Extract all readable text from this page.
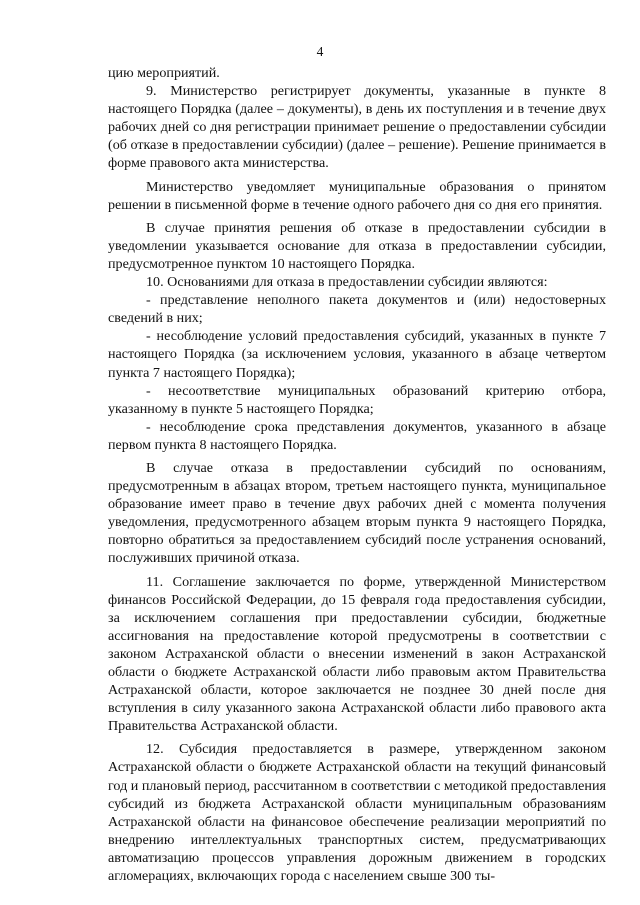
4

цию мероприятий.

9. Министерство регистрирует документы, указанные в пункте 8 настоящего Порядка (далее – документы), в день их поступления и в течение двух рабочих дней со дня регистрации принимает решение о предоставлении субсидии (об отказе в предоставлении субсидии) (далее – решение). Решение принимается в форме правового акта министерства.

Министерство уведомляет муниципальные образования о принятом решении в письменной форме в течение одного рабочего дня со дня его принятия.

В случае принятия решения об отказе в предоставлении субсидии в уведомлении указывается основание для отказа в предоставлении субсидии, предусмотренное пунктом 10 настоящего Порядка.

10. Основаниями для отказа в предоставлении субсидии являются:

- представление неполного пакета документов и (или) недостоверных сведений в них;

- несоблюдение условий предоставления субсидий, указанных в пункте 7 настоящего Порядка (за исключением условия, указанного в абзаце четвертом пункта 7 настоящего Порядка);

- несоответствие муниципальных образований критерию отбора, указанному в пункте 5 настоящего Порядка;

- несоблюдение срока представления документов, указанного в абзаце первом пункта 8 настоящего Порядка.

В случае отказа в предоставлении субсидий по основаниям, предусмотренным в абзацах втором, третьем настоящего пункта, муниципальное образование имеет право в течение двух рабочих дней с момента получения уведомления, предусмотренного абзацем вторым пункта 9 настоящего Порядка, повторно обратиться за предоставлением субсидий после устранения оснований, послуживших причиной отказа.

11. Соглашение заключается по форме, утвержденной Министерством финансов Российской Федерации, до 15 февраля года предоставления субсидии, за исключением соглашения при предоставлении субсидии, бюджетные ассигнования на предоставление которой предусмотрены в соответствии с законом Астраханской области о внесении изменений в закон Астраханской области о бюджете Астраханской области либо правовым актом Правительства Астраханской области, которое заключается не позднее 30 дней после дня вступления в силу указанного закона Астраханской области либо правового акта Правительства Астраханской области.

12. Субсидия предоставляется в размере, утвержденном законом Астраханской области о бюджете Астраханской области на текущий финансовый год и плановый период, рассчитанном в соответствии с методикой предоставления субсидий из бюджета Астраханской области муниципальным образованиям Астраханской области на финансовое обеспечение реализации мероприятий по внедрению интеллектуальных транспортных систем, предусматривающих автоматизацию процессов управления дорожным движением в городских агломерациях, включающих города с населением свыше 300 ты-
